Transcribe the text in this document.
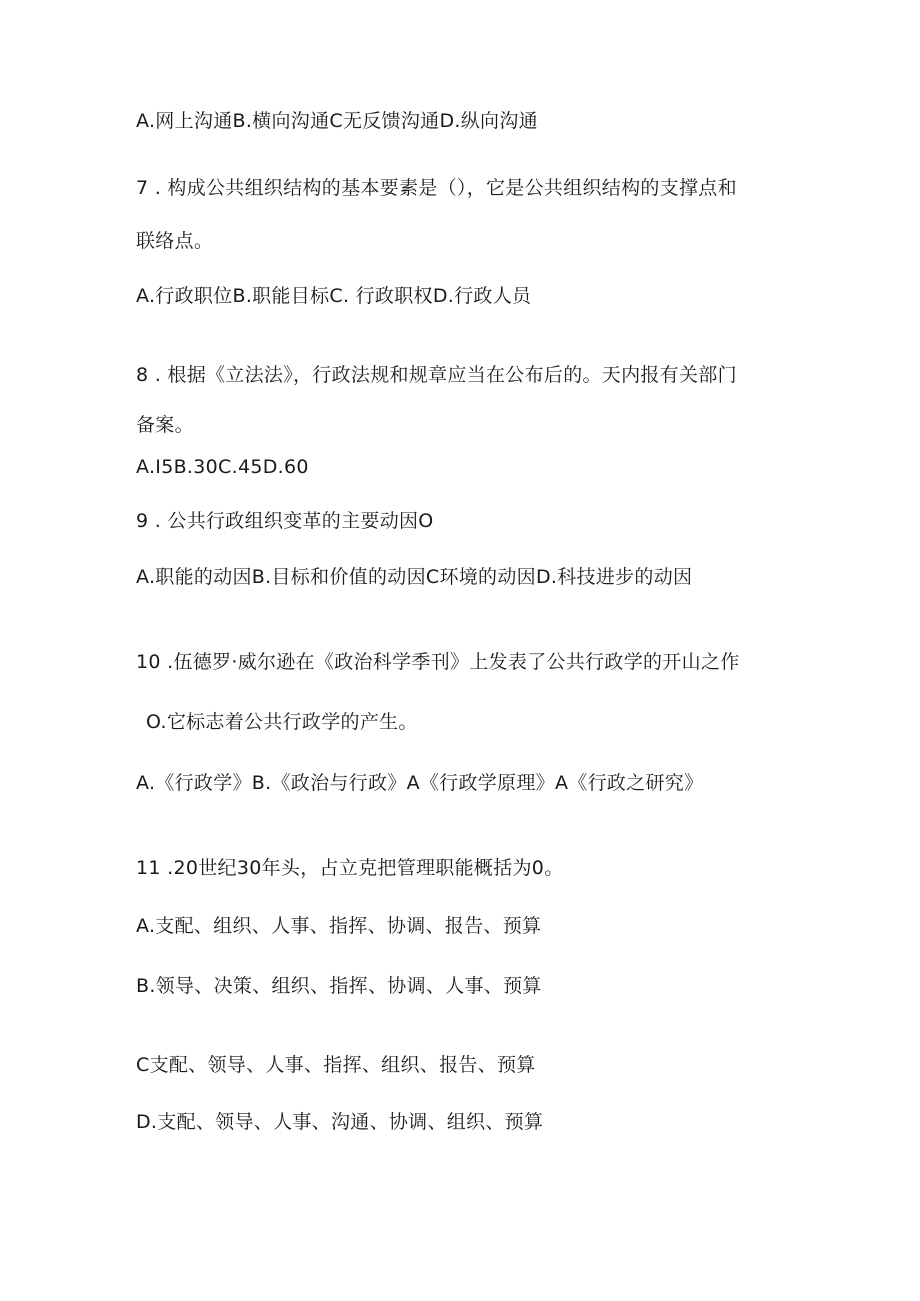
A.网上沟通B.横向沟通C无反馈沟通D.纵向沟通
7 . 构成公共组织结构的基本要素是（），它是公共组织结构的支撑点和
联络点。
A.行政职位B.职能目标C. 行政职权D.行政人员
8 . 根据《立法法》，行政法规和规章应当在公布后的。天内报有关部门
备案。
A.I5B.30C.45D.60
9 . 公共行政组织变革的主要动因O
A.职能的动因B.目标和价值的动因C环境的动因D.科技进步的动因
10 .伍德罗·威尔逊在《政治科学季刊》上发表了公共行政学的开山之作
O.它标志着公共行政学的产生。
A.《行政学》B.《政治与行政》A《行政学原理》A《行政之研究》
11 .20世纪30年头，占立克把管理职能概括为0。
A.支配、组织、人事、指挥、协调、报告、预算
B.领导、决策、组织、指挥、协调、人事、预算
C支配、领导、人事、指挥、组织、报告、预算
D.支配、领导、人事、沟通、协调、组织、预算
